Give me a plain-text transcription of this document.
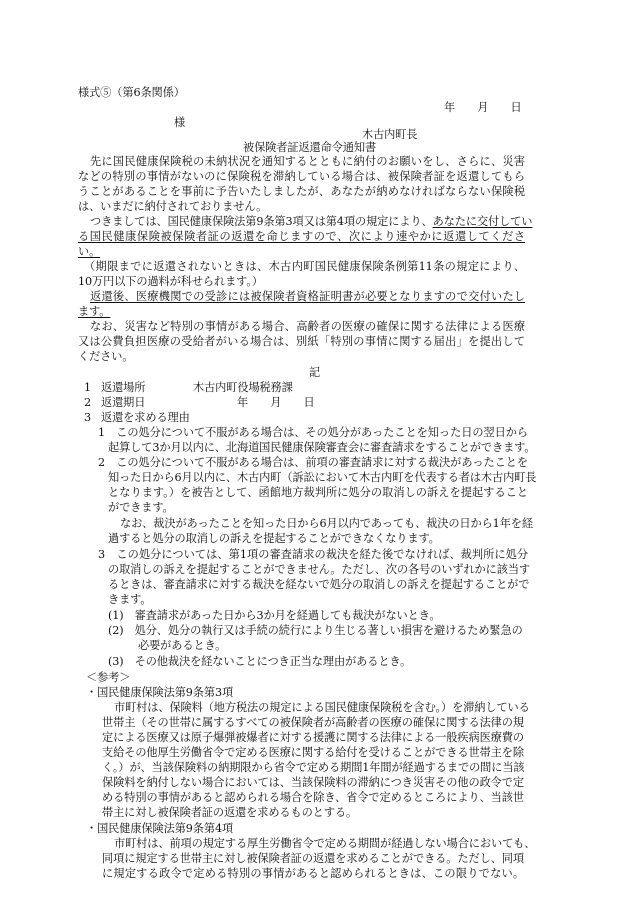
様式⑤（第6条関係）
年　　月　　日
様
木古内町長
被保険者証返還命令通知書
先に国民健康保険税の未納状況を通知するとともに納付のお願いをし、さらに、災害
などの特別の事情がないのに保険税を滞納している場合は、被保険者証を返還してもら
うことがあることを事前に予告いたしましたが、あなたが納めなければならない保険税
は、いまだに納付されておりません。
つきましては、国民健康保険法第9条第3項又は第4項の規定により、あなたに交付してい
る国民健康保険被保険者証の返還を命じますので、次により速やかに返還してくださ
い。
（期限までに返還されないときは、木古内町国民健康保険条例第11条の規定により、
10万円以下の過料が科せられます。）
返還後、医療機関での受診には被保険者資格証明書が必要となりますので交付いたし
ます。
なお、災害など特別の事情がある場合、高齢者の医療の確保に関する法律による医療
又は公費負担医療の受給者がいる場合は、別紙「特別の事情に関する届出」を提出して
ください。
記
1 返還場所	木古内町役場税務課
2 返還期日	年　　月　　日
3 返還を求める理由
1　この処分について不服がある場合は、その処分があったことを知った日の翌日から
起算して3か月以内に、北海道国民健康保険審査会に審査請求をすることができます。
2　この処分について不服がある場合は、前項の審査請求に対する裁決があったことを
知った日から6月以内に、木古内町（訴訟において木古内町を代表する者は木古内町長
となります。）を被告として、函館地方裁判所に処分の取消しの訴えを提起すること
ができます。
なお、裁決があったことを知った日から6月以内であっても、裁決の日から1年を経
過すると処分の取消しの訴えを提起することができなくなります。
3　この処分については、第1項の審査請求の裁決を経た後でなければ、裁判所に処分
の取消しの訴えを提起することができません。ただし、次の各号のいずれかに該当す
るときは、審査請求に対する裁決を経ないで処分の取消しの訴えを提起することがで
きます。
(1)　審査請求があった日から3か月を経過しても裁決がないとき。
(2)　処分、処分の執行又は手続の続行により生じる著しい損害を避けるため緊急の
必要があるとき。
(3)　その他裁決を経ないことにつき正当な理由があるとき。
＜参考＞
・国民健康保険法第9条第3項
市町村は、保険料（地方税法の規定による国民健康保険税を含む。）を滞納している
世帯主（その世帯に属するすべての被保険者が高齢者の医療の確保に関する法律の規
定による医療又は原子爆弾被爆者に対する援護に関する法律による一般疾病医療費の
支給その他厚生労働省令で定める医療に関する給付を受けることができる世帯主を除
く。）が、当該保険料の納期限から省令で定める期間1年間が経過するまでの間に当該
保険料を納付しない場合においては、当該保険料の滞納につき災害その他の政令で定
める特別の事情があると認められる場合を除き、省令で定めるところにより、当該世
帯主に対し被保険者証の返還を求めるものとする。
・国民健康保険法第9条第4項
市町村は、前項の規定する厚生労働省令で定める期間が経過しない場合においても、
同項に規定する世帯主に対し被保険者証の返還を求めることができる。ただし、同項
に規定する政令で定める特別の事情があると認められるときは、この限りでない。
